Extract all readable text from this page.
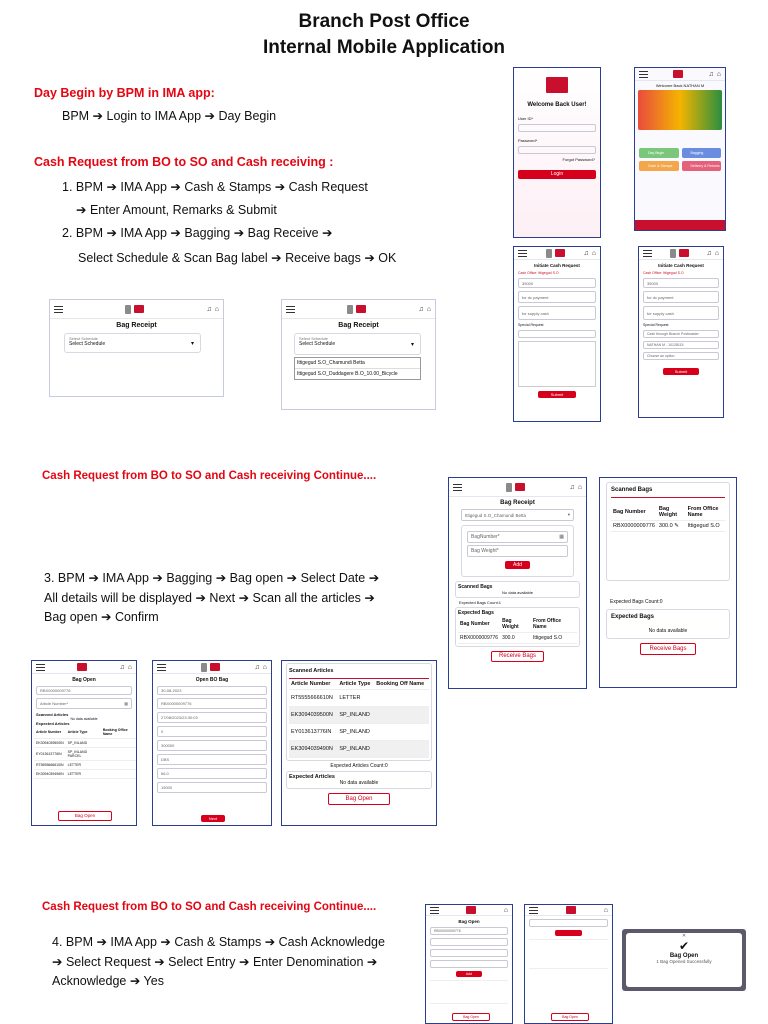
Branch Post Office
Internal Mobile Application
Day Begin by BPM in IMA app:
BPM ➔ Login to IMA App ➔ Day Begin
Cash Request from BO to SO and Cash receiving :
1. BPM ➔ IMA App ➔ Cash & Stamps ➔ Cash Request
➔ Enter Amount, Remarks & Submit
2. BPM ➔ IMA App ➔ Bagging ➔ Bag Receive ➔
Select Schedule & Scan Bag label ➔ Receive bags ➔ OK
Welcome Back User!
User ID*
Password*
Forgot Password?
Login
♫ ⌂
Welcome Back NATHAN M
Day Begin	Bagging
Cash & Stamps	Delivery & Returns
♫ ⌂
Initiate Cash Request
Cash Office: Ittigegud S.O
35000
for dc payment
for supply cash
Special Request
Submit
♫ ⌂
Initiate Cash Request
Cash Office: Ittigegud S.O
35000
for dc payment
for supply cash
Special Request
Cash through Branch Postmaster
NATHAN M - 10128115
Choose an option
Submit
♫ ⌂
Bag Receipt
Select Schedule
Select Schedule	▾
♫ ⌂
Bag Receipt
Select Schedule
Select Schedule	▾
Ittigegud S.O_Chamundi Betta
Ittigegud S.O_Duddagere B.O_10.00_Bicycle
Cash Request from BO to SO and Cash receiving Continue....
3. BPM ➔ IMA App ➔ Bagging ➔ Bag open ➔ Select Date ➔
All details will be displayed ➔ Next ➔ Scan all the articles ➔
Bag open ➔ Confirm
♫ ⌂
Bag Receipt
Ittigegud S.O_Chamundi Betta	▾
BagNumber*	▦
Bag Weight*
Add
Scanned Bags
No data available
Expected Bags Count:1
Expected Bags
Bag Number	Bag Weight	From Office Name
RBX0000009776	300.0	Ittigegud S.O
Receive Bags
Scanned Bags
Bag Number	Bag Weight	From Office Name
RBX0000009776	300.0 ✎	Ittigegud S.O
Expected Bags Count:0
Expected Bags
No data available
Receive Bags
♫ ⌂
Bag Open
RBX0000009776
Article Number*	▦
Scanned Articles
No data available
Expected Articles
Article Number	Article Type	Booking Office Name
EK3094039500IN	SP_INLAND	
EY013613776IN	SP_INLAND PARCEL	
RT5555666610IN	LETTER	
EK3094039496IN	LETTER	
Bag Open
♫ ⌂
Open BO Bag
30-08-2023
RBX0000009776
27/08/2023/23:30:03
0
300000
DBS
66.0
15000
Next
Scanned Articles
Article Number	Article Type	Booking Off Name
RT5555666610N	LETTER	
EK3094039500N	SP_INLAND	
EY013613776IN	SP_INLAND	
EK3094039490N	SP_INLAND	
Expected Articles Count:0
Expected Articles
No data available
Bag Open
Cash Request from BO to SO and Cash receiving Continue....
4. BPM ➔ IMA App ➔ Cash & Stamps ➔ Cash Acknowledge
➔ Select Request ➔ Select Entry ➔ Enter Denomination ➔
Acknowledge ➔ Yes
⌂
Bag Open
RBX0000009776
Add
Bag Open
⌂
Bag Open
✕
✔
Bag Open
1 Bag Opened Successfully
